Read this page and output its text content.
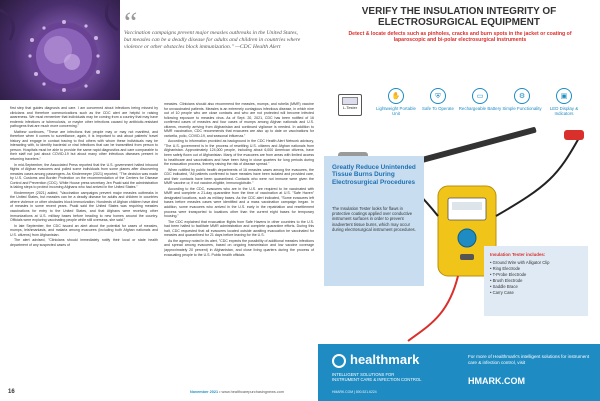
“
Vaccination campaigns prevent major measles outbreaks in the United States, but measles can be a deadly disease for adults and children in countries where violence or other obstacles block immunization." —CDC Health Alert

first step that guides diagnosis and care. I am concerned about infections being missed by clinicians and therefore communications such as the CDC alert are helpful in raising awareness. We must remember that individuals may be coming from a country that may have endemic infections or tuberculosis, or maybe other infections caused by antibiotic-resistant pathogens that are much more concerning."

Mathew continues, "These are infections that people may or may not manifest, and therefore when it comes to surveillance, again, it is important to ask about patients' travel history and engage in contact tracing to find others with whom these individuals may be interacting with, to identify bacterial or viral infections that can be transmitted from person to person. Hospitals must be able to provide the same rapid diagnostics and care comparable to their staff not just about COVID-19 but about many other infectious diseases present in returning travelers."

In mid-September, the Associated Press reported that the U.S. government halted inbound flights of Afghan evacuees and pulled some individuals from some planes after discovering measles cases among passengers. As Kindermeyer (2021) reported, "The decision was made by U.S. Customs and Border Protection on the recommendation of the Centers for Disease Control and Prevention (CDC). White House press secretary Jen Psaki said the administration is taking steps to protect incoming Afghans who had arrived in the United States."

Kindermeyer (2021) added, "Vaccination campaigns prevent major measles outbreaks in the United States, but measles can be a deadly disease for adults and children in countries where violence or other obstacles block immunization. Hundreds of Afghan children have died of measles in some recent years. Psaki said the United States was requiring measles vaccinations for entry to the United States, and that Afghans were receiving other immunizations at U.S. military bases before heading to new homes around the country. Officials were exploring vaccinating people while still overseas, she said."

In late September, the CDC issued an alert about the potential for cases of measles, mumps, leishmaniasis, and malaria among evacuees (including both Afghan nationals and U.S. citizens) from Afghanistan.

The alert advised, "Clinicians should immediately notify their local or state health department of any suspected cases of

measles. Clinicians should also recommend the measles, mumps, and rubella (MMR) vaccine for unvaccinated patients. Measles is an extremely contagious infectious disease, in which nine out of 10 people who are close contacts and who are not protected will become infected following exposure to measles virus. As of Sept. 20, 2021, CDC has been notified of 16 confirmed cases of measles and four cases of mumps among Afghan nationals and U.S. citizens, recently arriving from Afghanistan and continued vigilance is needed. In addition to MMR vaccination, CDC recommends that evacuees are also up to date on vaccinations for varicella, polio, COVID-19, and seasonal influenza."

According to information provided as background in the CDC Health Alert Network advisory, "The U.S. government is in the process of resettling U.S. citizens and Afghan nationals from Afghanistan. Approximately 124,000 people, including about 6,000 American citizens, have been safely flown out of Afghanistan. Many of the evacuees are from areas with limited access to healthcare and vaccinations and have been living in close quarters for long periods during the evacuation process, thereby raising the risk of disease spread."

When notified by public health departments of 16 measles cases among the evacuees, the CDC indicated, "All patients confirmed to have measles have been isolated and provided care, and their contacts have been quarantined. Contacts who were not immune were given the MMR vaccine or, if not vaccine-eligible, immunoglobulin."

According to the CDC, evacuees who are in the U.S. are required to be vaccinated with MMR and complete a 21-day quarantine from the time of vaccination at U.S. "Safe Haven" designated locations, such as military bases. As the CDC alert indicated, "Some evacuees left bases before measles cases were identified and a mass vaccination campaign began. In addition, some evacuees who arrived in the U.S. early in the repatriation and resettlement process were transported to locations other than the current eight bases for temporary housing."

The CDC explained that evacuation flights from Safe Havens in other countries to the U.S. had been halted to facilitate MMR administration and complete quarantine efforts. During this halt, CDC requested that all evacuees located outside awaiting evacuation be vaccinated for measles and quarantined for 21 days before leaving for the U.S.

As the agency noted in its alert, "CDC expects the possibility of additional measles infections and spread among evacuees, based on ongoing transmission and low vaccine coverage (approximately 20 percent) in Afghanistan, and close living quarters during the process of evacuating people to the U.S. Public health officials

16	November 2021 • www.healthcarepurchasingnews.com
VERIFY THE INSULATION INTEGRITY OF
ELECTROSURGICAL EQUIPMENT
Detect & locate defects such as pinholes, cracks and burn spots in the jacket or coating of laparoscopic and bi-polar electrosurgical instruments
L-Tester
✋
Lightweight Portable Unit
⛨
Safe To Operate
▭
Rechargeable Battery
⚙
Simple Functionality
▣
LED Display & Indicators
Greatly Reduce Unintended Tissue Burns During Electrosurgical Procedures

The Insulation Tester looks for flaws in protective coatings applied over conductive instrument surfaces in order to prevent inadvertent tissue burns, which may occur during electrosurgical instrument procedures.

Insulation Tester includes:
• Ground Wire with Alligator Clip
• Ring Electrode
• T-Probe Electrode
• Brush Electrode
• Saddle Brace
• Carry Case
healthmark
INTELLIGENT SOLUTIONS FOR
INSTRUMENT CARE & INFECTION CONTROL
For more of Healthmark's intelligent solutions for instrument care & infection control, visit
HMARK.COM
HMARK.COM | 800.521.6224
